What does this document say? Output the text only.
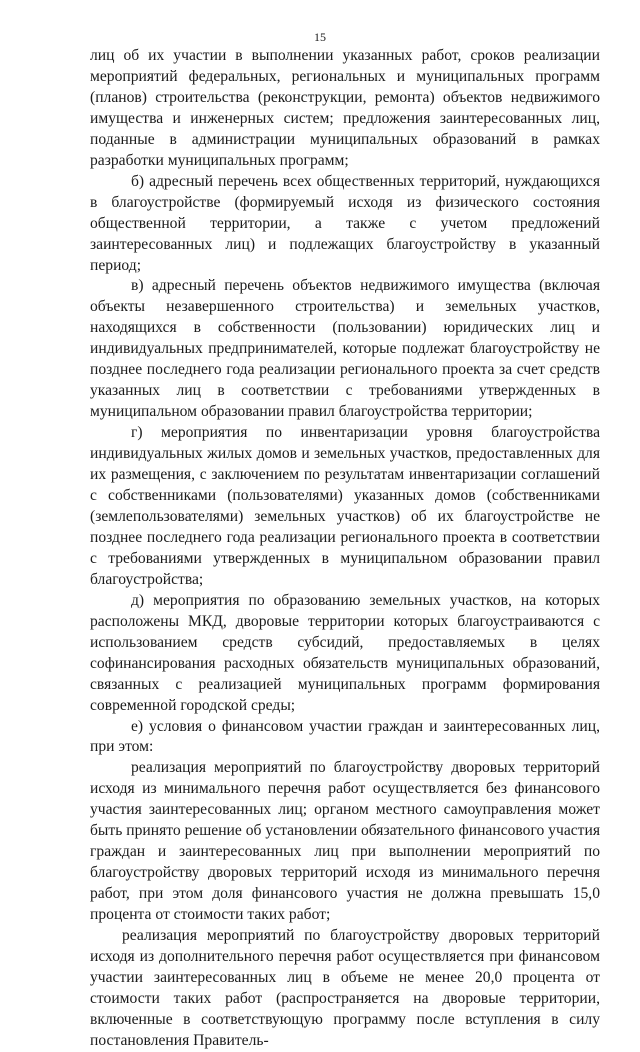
15

лиц об их участии в выполнении указанных работ, сроков реализации мероприятий федеральных, региональных и муниципальных программ (планов) строительства (реконструкции, ремонта) объектов недвижимого имущества и инженерных систем; предложения заинтересованных лиц, поданные в администрации муниципальных образований в рамках разработки муниципальных программ;

б) адресный перечень всех общественных территорий, нуждающихся в благоустройстве (формируемый исходя из физического состояния общественной территории, а также с учетом предложений заинтересованных лиц) и подлежащих благоустройству в указанный период;

в) адресный перечень объектов недвижимого имущества (включая объекты незавершенного строительства) и земельных участков, находящихся в собственности (пользовании) юридических лиц и индивидуальных предпринимателей, которые подлежат благоустройству не позднее последнего года реализации регионального проекта за счет средств указанных лиц в соответствии с требованиями утвержденных в муниципальном образовании правил благоустройства территории;

г) мероприятия по инвентаризации уровня благоустройства индивидуальных жилых домов и земельных участков, предоставленных для их размещения, с заключением по результатам инвентаризации соглашений с собственниками (пользователями) указанных домов (собственниками (землепользователями) земельных участков) об их благоустройстве не позднее последнего года реализации регионального проекта в соответствии с требованиями утвержденных в муниципальном образовании правил благоустройства;

д) мероприятия по образованию земельных участков, на которых расположены МКД, дворовые территории которых благоустраиваются с использованием средств субсидий, предоставляемых в целях софинансирования расходных обязательств муниципальных образований, связанных с реализацией муниципальных программ формирования современной городской среды;

е) условия о финансовом участии граждан и заинтересованных лиц, при этом:

реализация мероприятий по благоустройству дворовых территорий исходя из минимального перечня работ осуществляется без финансового участия заинтересованных лиц; органом местного самоуправления может быть принято решение об установлении обязательного финансового участия граждан и заинтересованных лиц при выполнении мероприятий по благоустройству дворовых территорий исходя из минимального перечня работ, при этом доля финансового участия не должна превышать 15,0 процента от стоимости таких работ;

реализация мероприятий по благоустройству дворовых территорий исходя из дополнительного перечня работ осуществляется при финансовом участии заинтересованных лиц в объеме не менее 20,0 процента от стоимости таких работ (распространяется на дворовые территории, включенные в соответствующую программу после вступления в силу постановления Правитель-
